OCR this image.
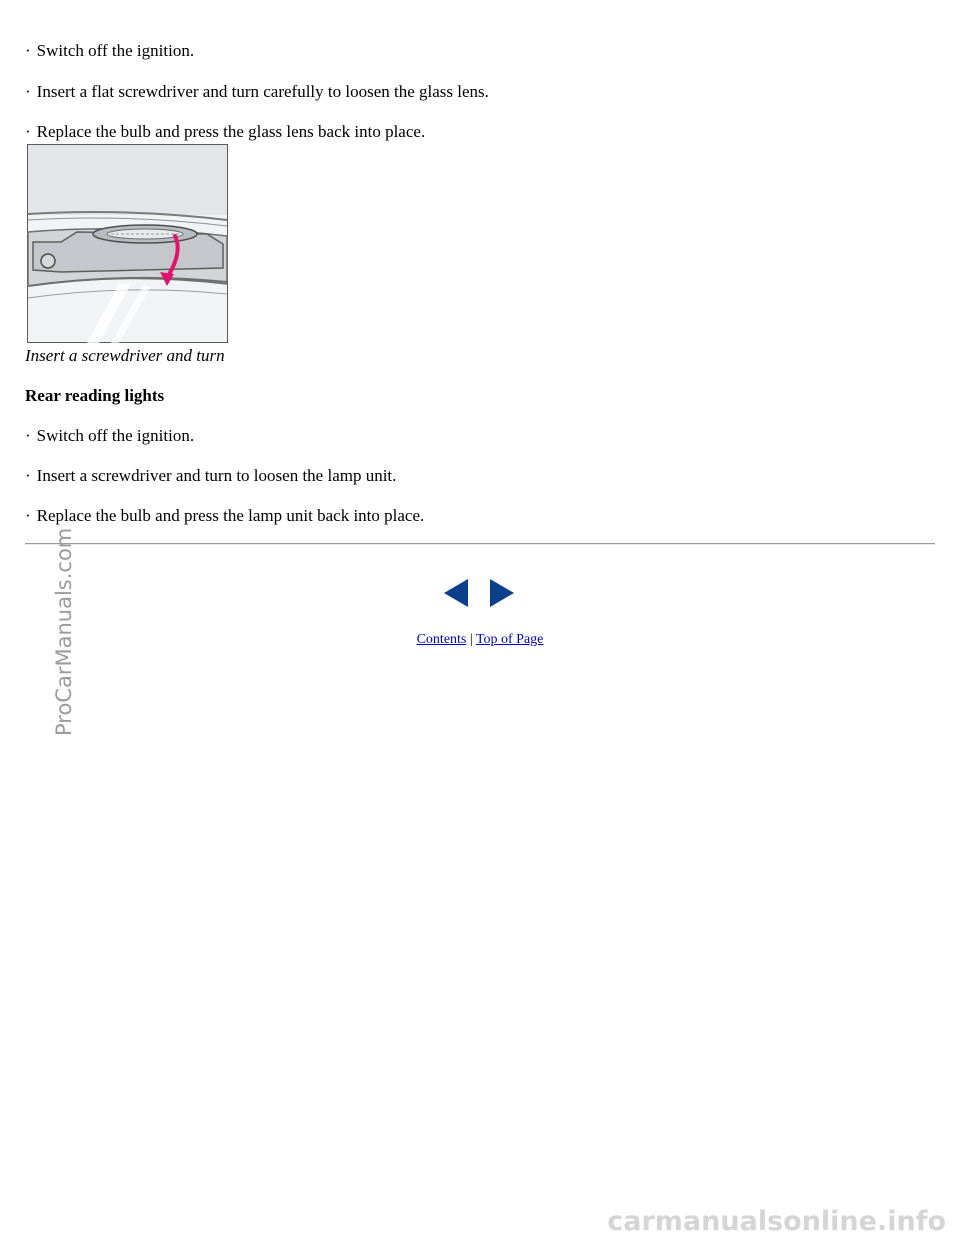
· Switch off the ignition.
· Insert a flat screwdriver and turn carefully to loosen the glass lens.
· Replace the bulb and press the glass lens back into place.
Insert a screwdriver and turn
Rear reading lights
· Switch off the ignition.
· Insert a screwdriver and turn to loosen the lamp unit.
· Replace the bulb and press the lamp unit back into place.
Contents | Top of Page
ProCarManuals.com
carmanualsonline.info
